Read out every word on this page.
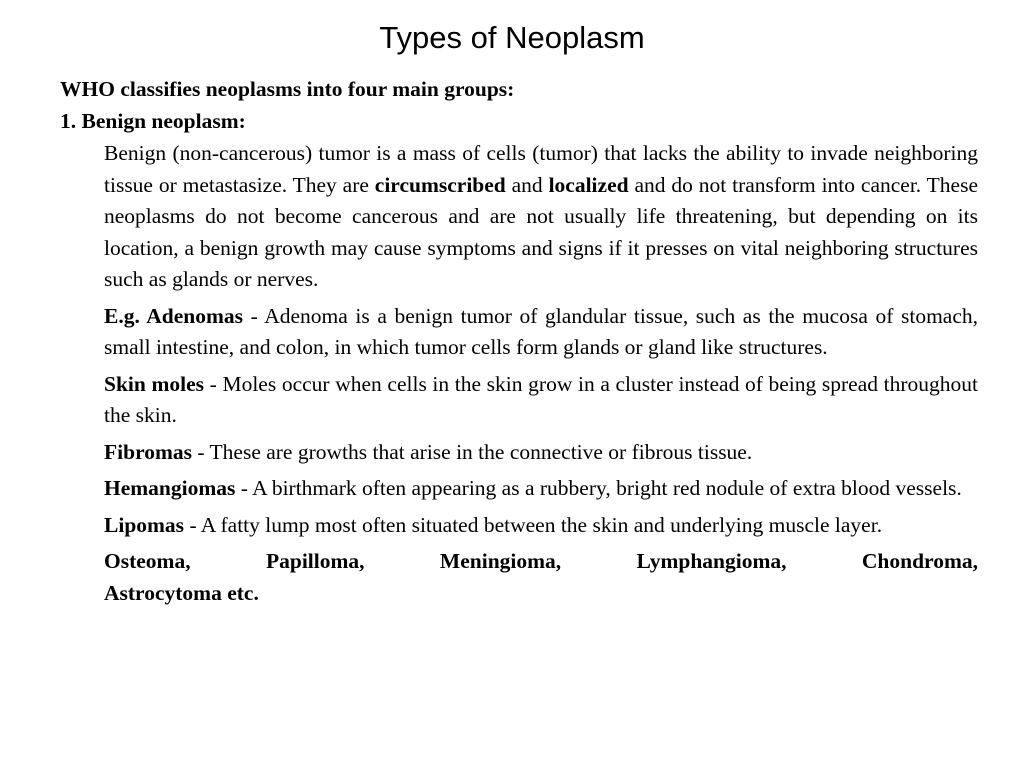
Types of Neoplasm
WHO classifies neoplasms into four main groups:
1. Benign neoplasm:

Benign (non-cancerous) tumor is a mass of cells (tumor) that lacks the ability to invade neighboring tissue or metastasize. They are circumscribed and localized and do not transform into cancer. These neoplasms do not become cancerous and are not usually life threatening, but depending on its location, a benign growth may cause symptoms and signs if it presses on vital neighboring structures such as glands or nerves.

E.g. Adenomas - Adenoma is a benign tumor of glandular tissue, such as the mucosa of stomach, small intestine, and colon, in which tumor cells form glands or gland like structures.

Skin moles - Moles occur when cells in the skin grow in a cluster instead of being spread throughout the skin.

Fibromas - These are growths that arise in the connective or fibrous tissue.

Hemangiomas - A birthmark often appearing as a rubbery, bright red nodule of extra blood vessels.

Lipomas - A fatty lump most often situated between the skin and underlying muscle layer.

Osteoma, Papilloma, Meningioma, Lymphangioma, Chondroma,
Astrocytoma etc.
